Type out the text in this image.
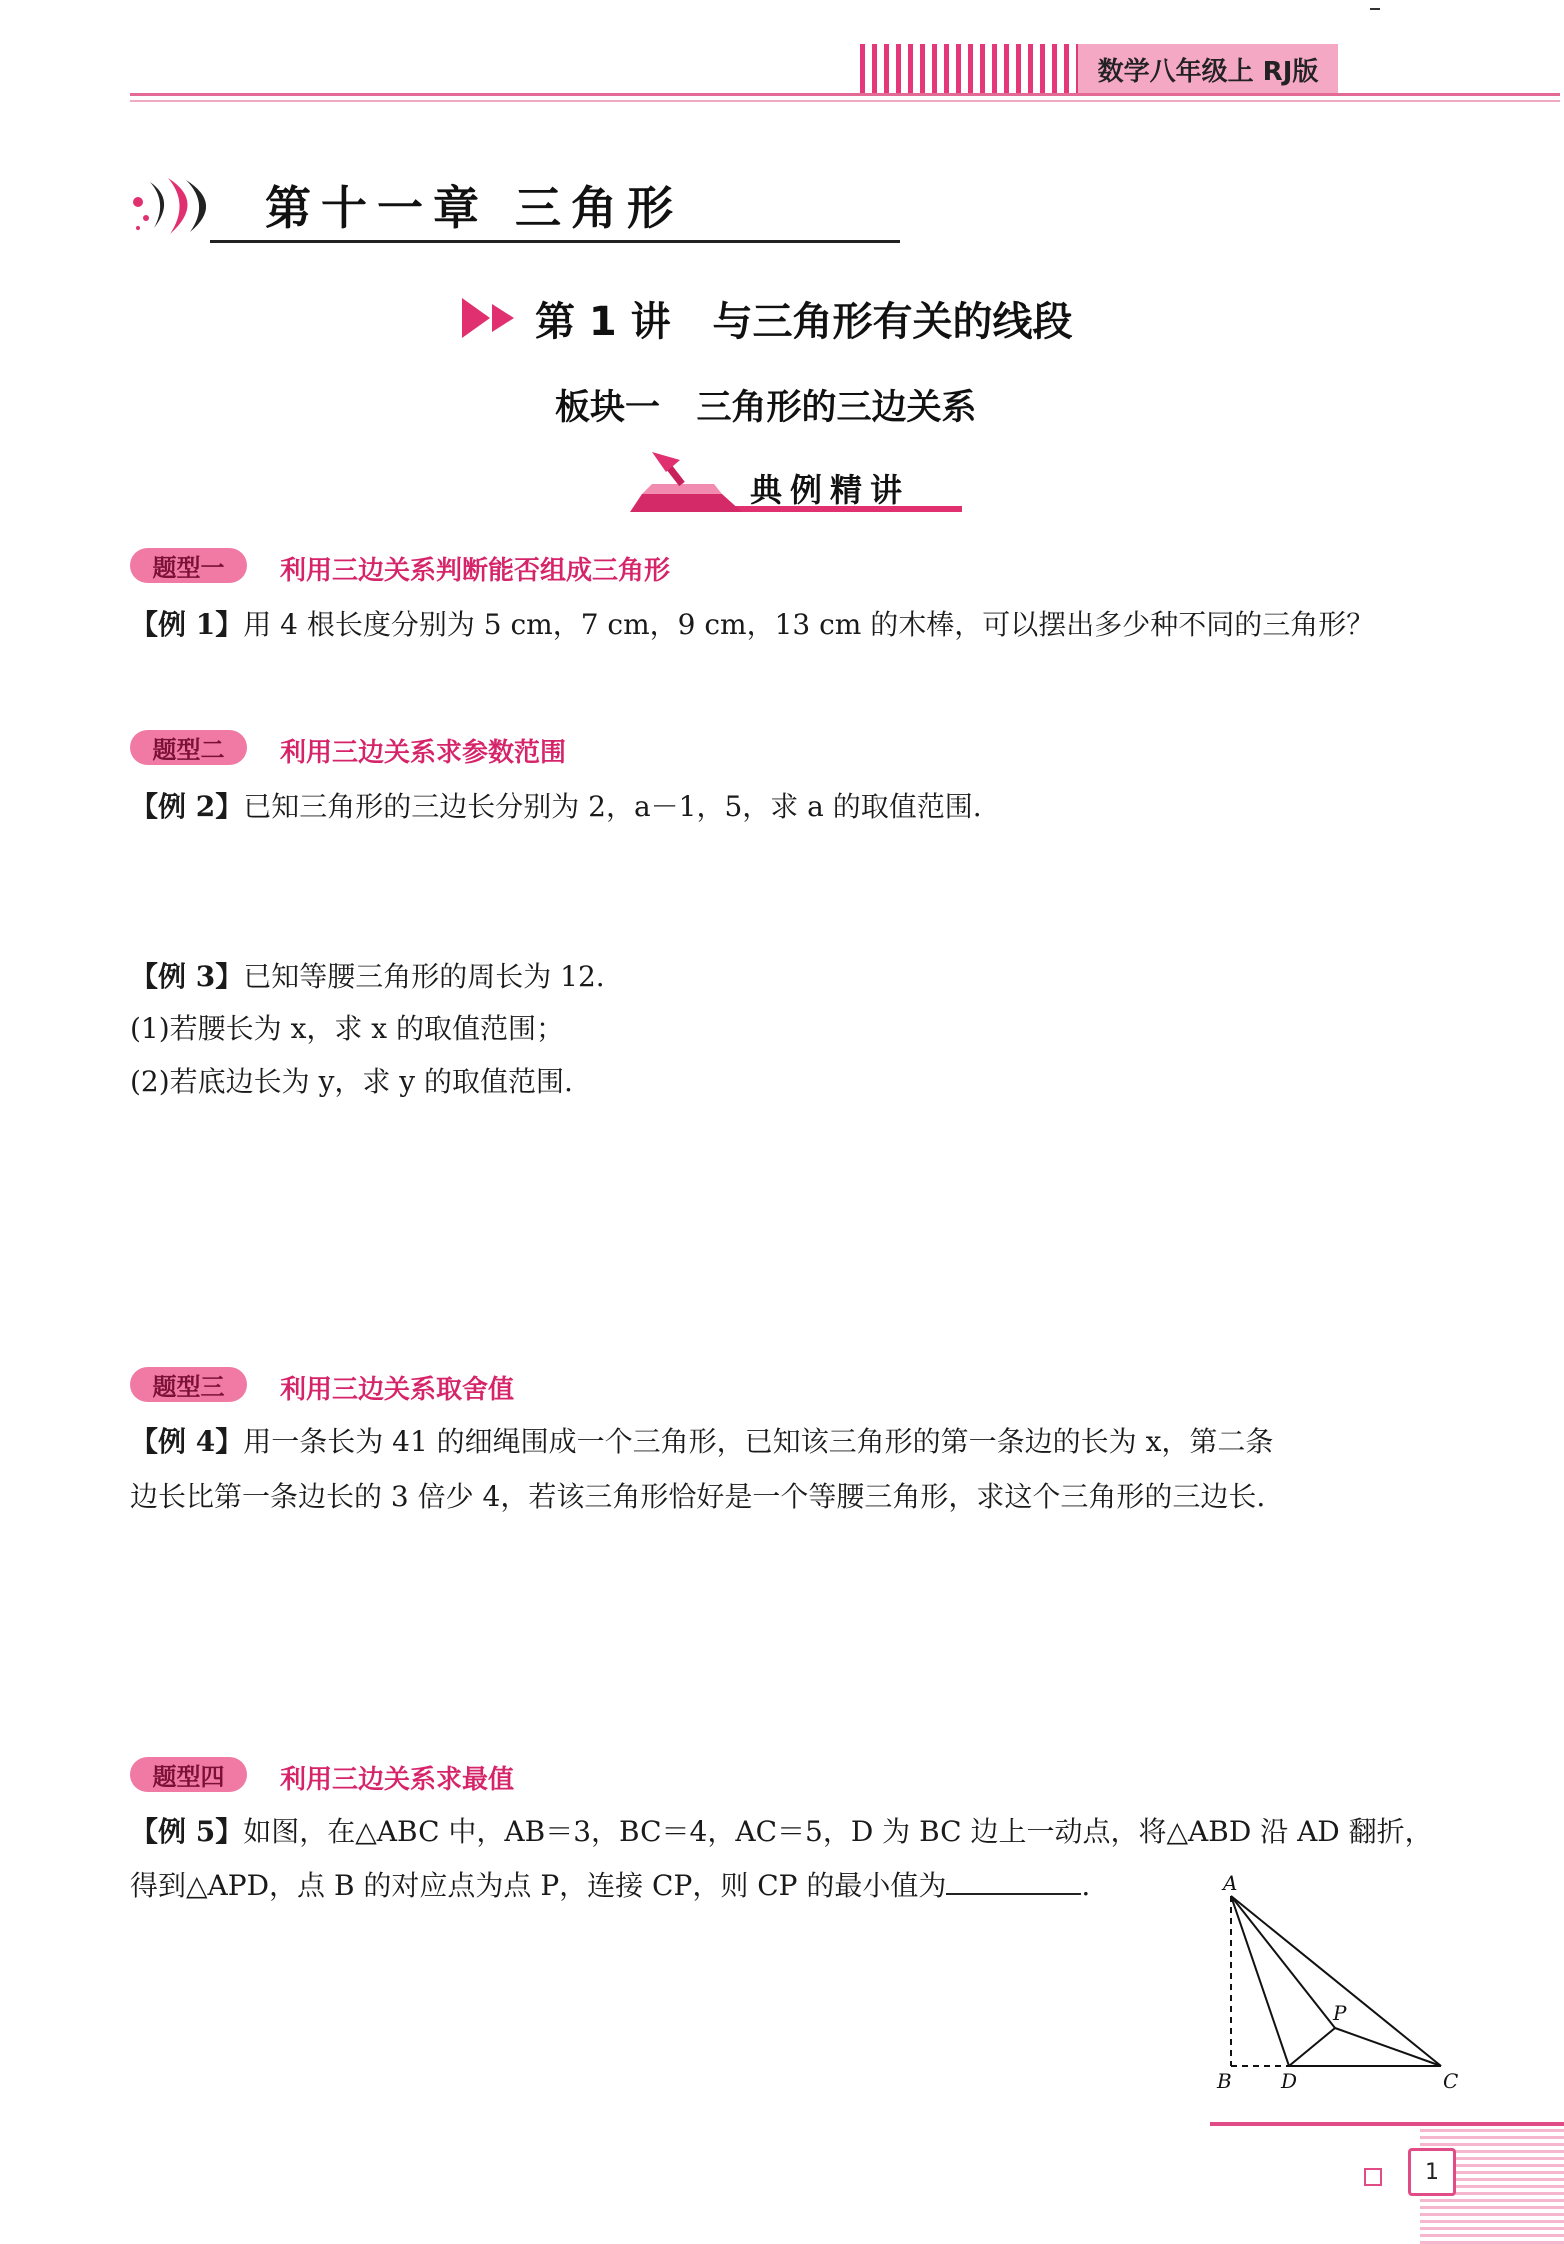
数学八年级上 RJ版
第十一章 三角形
第 1 讲   与三角形有关的线段
板块一   三角形的三边关系
典例精讲
题型一	利用三边关系判断能否组成三角形
【例 1】用 4 根长度分别为 5 cm，7 cm，9 cm，13 cm 的木棒，可以摆出多少种不同的三角形？
题型二	利用三边关系求参数范围
【例 2】已知三角形的三边长分别为 2，a－1，5，求 a 的取值范围.
【例 3】已知等腰三角形的周长为 12.
(1)若腰长为 x，求 x 的取值范围；
(2)若底边长为 y，求 y 的取值范围.
题型三	利用三边关系取舍值
【例 4】用一条长为 41 的细绳围成一个三角形，已知该三角形的第一条边的长为 x，第二条
边长比第一条边长的 3 倍少 4，若该三角形恰好是一个等腰三角形，求这个三角形的三边长.
题型四	利用三边关系求最值
【例 5】如图，在△ABC 中，AB＝3，BC＝4，AC＝5，D 为 BC 边上一动点，将△ABD 沿 AD 翻折，
得到△APD，点 B 的对应点为点 P，连接 CP，则 CP 的最小值为	.	A
B	C
D
P
1
